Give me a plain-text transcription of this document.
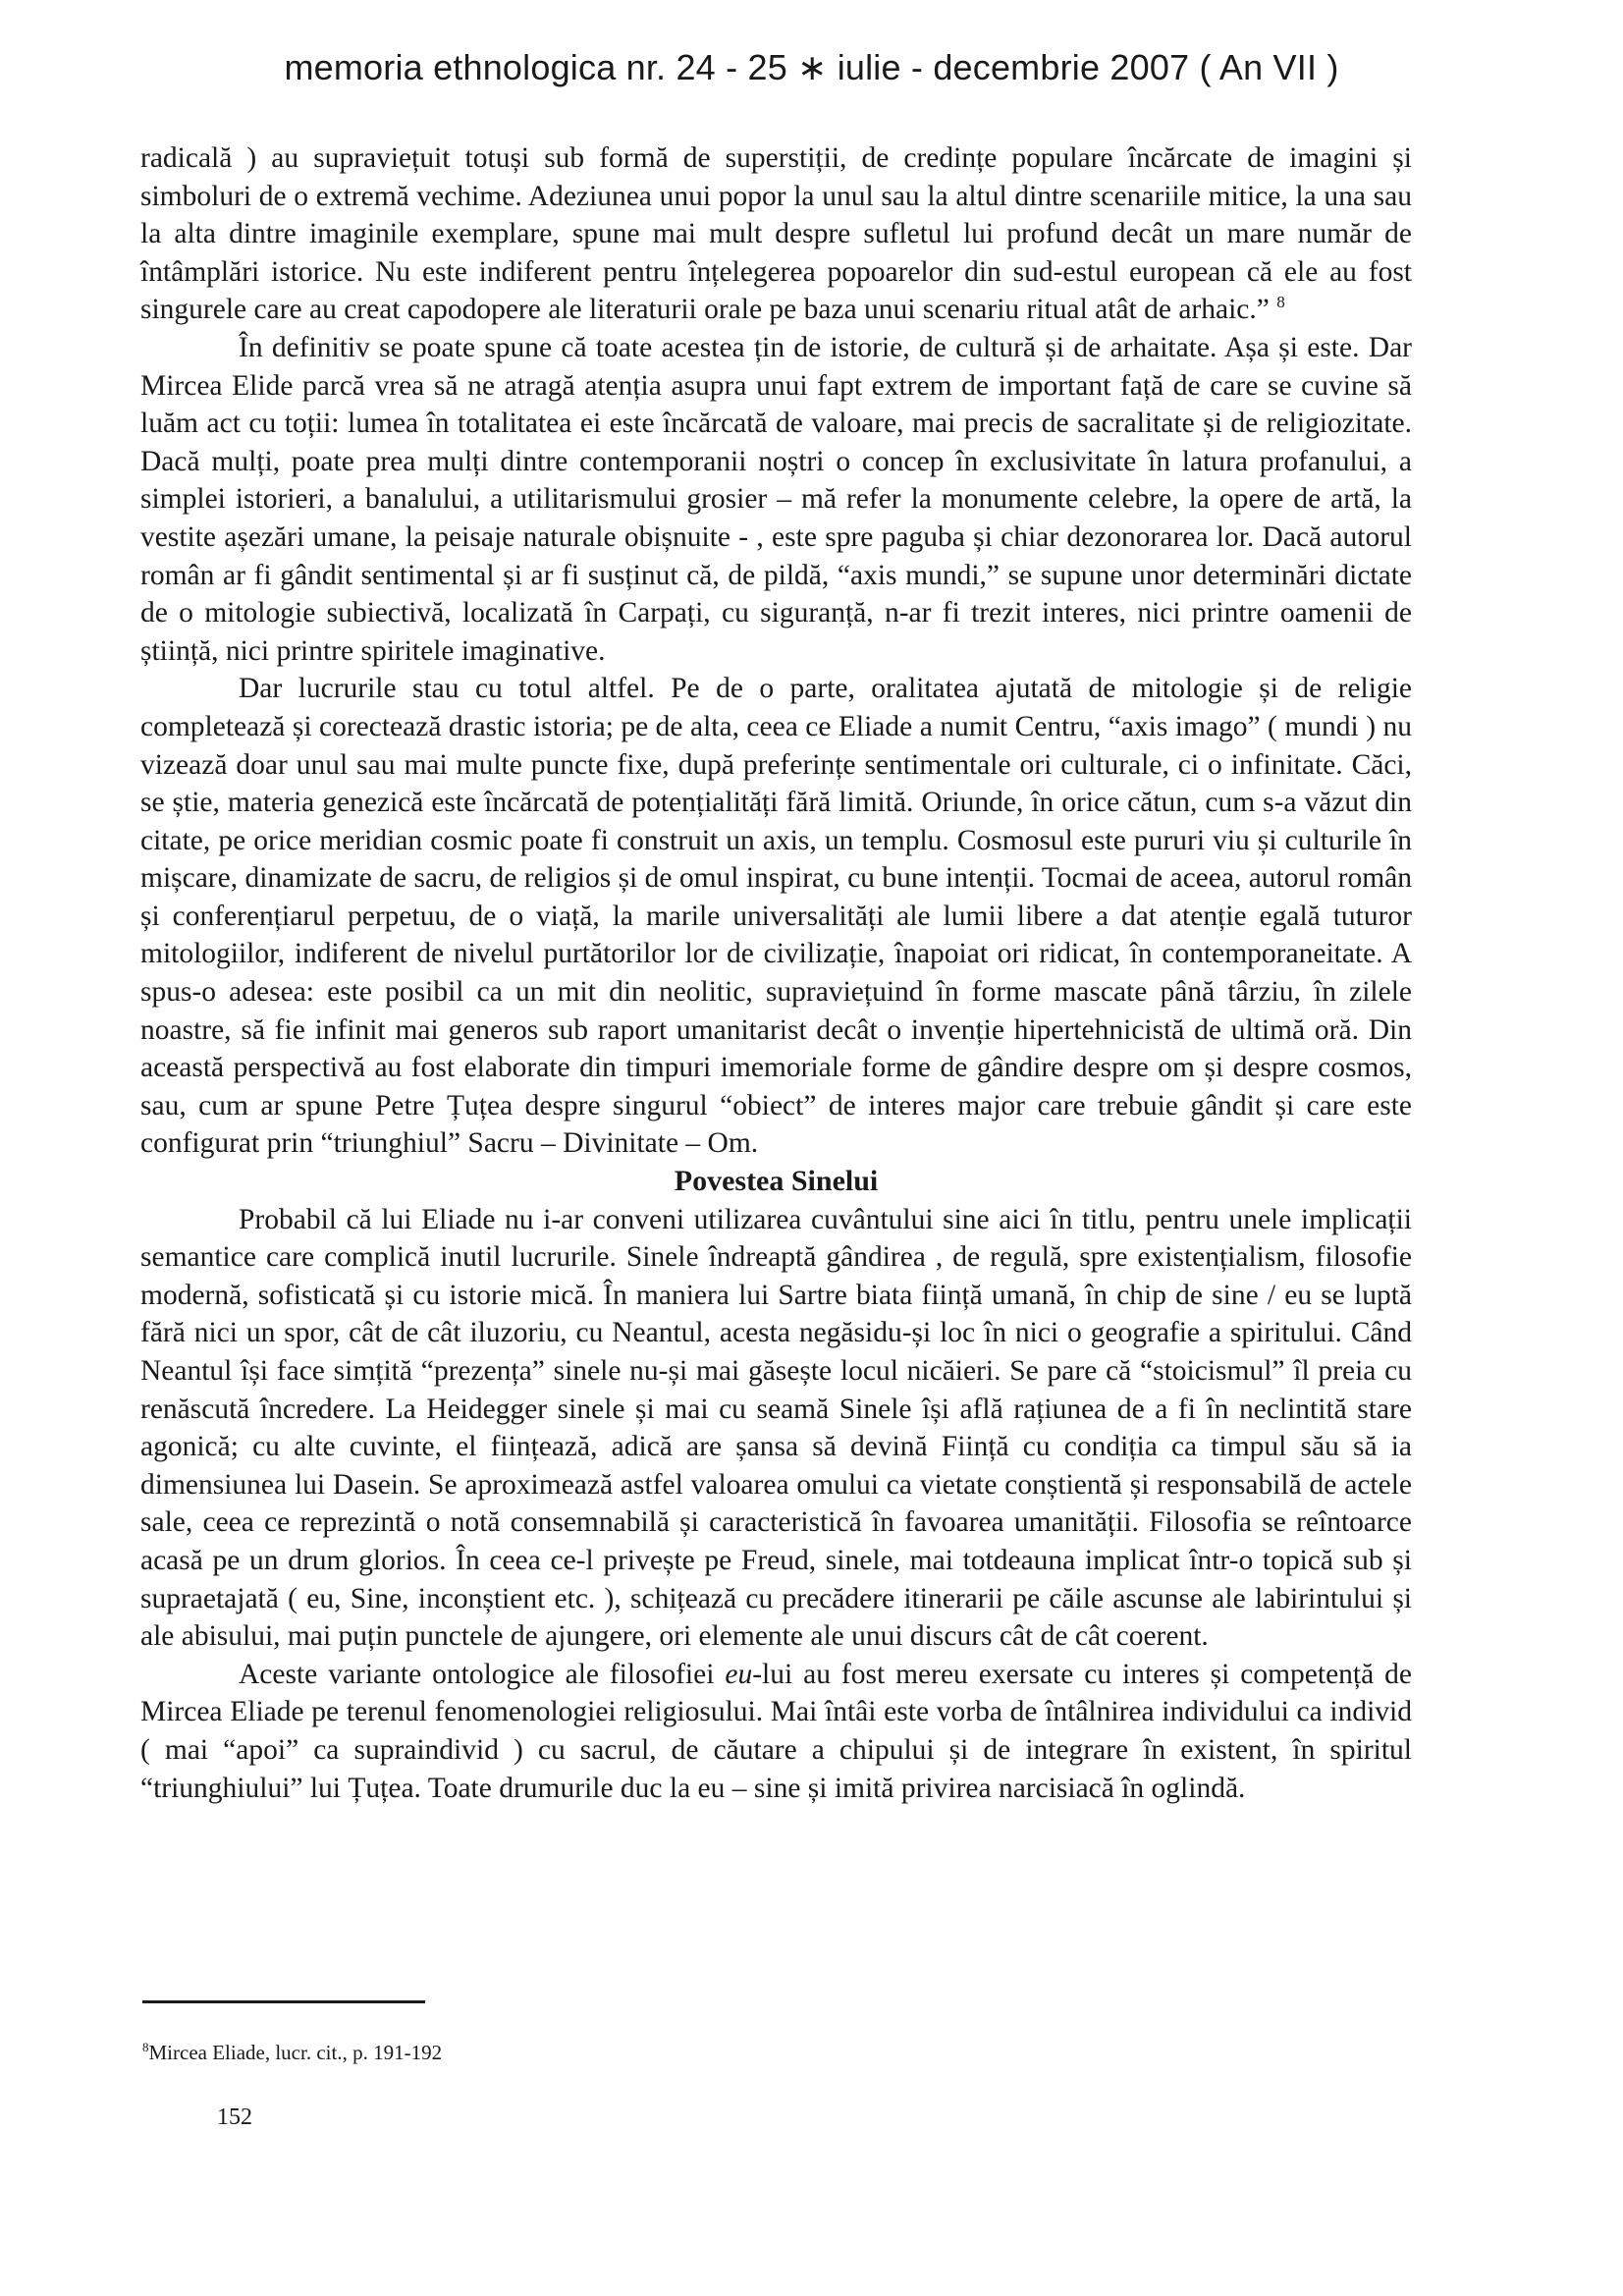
memoria ethnologica nr. 24 - 25 ∗ iulie - decembrie 2007 ( An VII )

radicală ) au supraviețuit totuși sub formă de superstiții, de credințe populare încărcate de imagini și simboluri de o extremă vechime. Adeziunea unui popor la unul sau la altul dintre scenariile mitice, la una sau la alta dintre imaginile exemplare, spune mai mult despre sufletul lui profund decât un mare număr de întâmplări istorice. Nu este indiferent pentru înțelegerea popoarelor din sud-estul european că ele au fost singurele care au creat capodopere ale literaturii orale pe baza unui scenariu ritual atât de arhaic.” $^8$

În definitiv se poate spune că toate acestea țin de istorie, de cultură și de arhaitate. Așa și este. Dar Mircea Elide parcă vrea să ne atragă atenția asupra unui fapt extrem de important față de care se cuvine să luăm act cu toții: lumea în totalitatea ei este încărcată de valoare, mai precis de sacralitate și de religiozitate. Dacă mulți, poate prea mulți dintre contemporanii noștri o concep în exclusivitate în latura profanului, a simplei istorieri, a banalului, a utilitarismului grosier – mă refer la monumente celebre, la opere de artă, la vestite așezări umane, la peisaje naturale obișnuite - , este spre paguba și chiar dezonorarea lor. Dacă autorul român ar fi gândit sentimental și ar fi susținut că, de pildă, “axis mundi,” se supune unor determinări dictate de o mitologie subiectivă, localizată în Carpați, cu siguranță, n-ar fi trezit interes, nici printre oamenii de știință, nici printre spiritele imaginative.

Dar lucrurile stau cu totul altfel. Pe de o parte, oralitatea ajutată de mitologie și de religie completează și corectează drastic istoria; pe de alta, ceea ce Eliade a numit Centru, “axis imago” ( mundi ) nu vizează doar unul sau mai multe puncte fixe, după preferințe sentimentale ori culturale, ci o infinitate. Căci, se știe, materia genezică este încărcată de potențialități fără limită. Oriunde, în orice cătun, cum s-a văzut din citate, pe orice meridian cosmic poate fi construit un axis, un templu. Cosmosul este pururi viu și culturile în mișcare, dinamizate de sacru, de religios și de omul inspirat, cu bune intenții. Tocmai de aceea, autorul român și conferențiarul perpetuu, de o viață, la marile universalități ale lumii libere a dat atenție egală tuturor mitologiilor, indiferent de nivelul purtătorilor lor de civilizație, înapoiat ori ridicat, în contemporaneitate. A spus-o adesea: este posibil ca un mit din neolitic, supraviețuind în forme mascate până târziu, în zilele noastre, să fie infinit mai generos sub raport umanitarist decât o invenție hipertehnicistă de ultimă oră. Din această perspectivă au fost elaborate din timpuri imemoriale forme de gândire despre om și despre cosmos, sau, cum ar spune Petre Țuțea despre singurul “obiect” de interes major care trebuie gândit și care este configurat prin “triunghiul” Sacru – Divinitate – Om.

Povestea Sinelui

Probabil că lui Eliade nu i-ar conveni utilizarea cuvântului sine aici în titlu, pentru unele implicații semantice care complică inutil lucrurile. Sinele îndreaptă gândirea , de regulă, spre existențialism, filosofie modernă, sofisticată și cu istorie mică. În maniera lui Sartre biata ființă umană, în chip de sine / eu se luptă fără nici un spor, cât de cât iluzoriu, cu Neantul, acesta negăsidu-și loc în nici o geografie a spiritului. Când Neantul își face simțită “prezența” sinele nu-și mai găsește locul nicăieri. Se pare că “stoicismul” îl preia cu renăscută încredere. La Heidegger sinele și mai cu seamă Sinele își află rațiunea de a fi în neclintită stare agonică; cu alte cuvinte, el ființează, adică are șansa să devină Ființă cu condiția ca timpul său să ia dimensiunea lui Dasein. Se aproximează astfel valoarea omului ca vietate conștientă și responsabilă de actele sale, ceea ce reprezintă o notă consemnabilă și caracteristică în favoarea umanității. Filosofia se reîntoarce acasă pe un drum glorios. În ceea ce-l privește pe Freud, sinele, mai totdeauna implicat într-o topică sub și supraetajată ( eu, Sine, inconștient etc. ), schițează cu precădere itinerarii pe căile ascunse ale labirintului și ale abisului, mai puțin punctele de ajungere, ori elemente ale unui discurs cât de cât coerent.

Aceste variante ontologice ale filosofiei eu-lui au fost mereu exersate cu interes și competență de Mircea Eliade pe terenul fenomenologiei religiosului. Mai întâi este vorba de întâlnirea individului ca individ ( mai “apoi” ca supraindivid ) cu sacrul, de căutare a chipului și de integrare în existent, în spiritul “triunghiului” lui Țuțea. Toate drumurile duc la eu – sine și imită privirea narcisiacă în oglindă.

$^8$Mircea Eliade, lucr. cit., p. 191-192
152
